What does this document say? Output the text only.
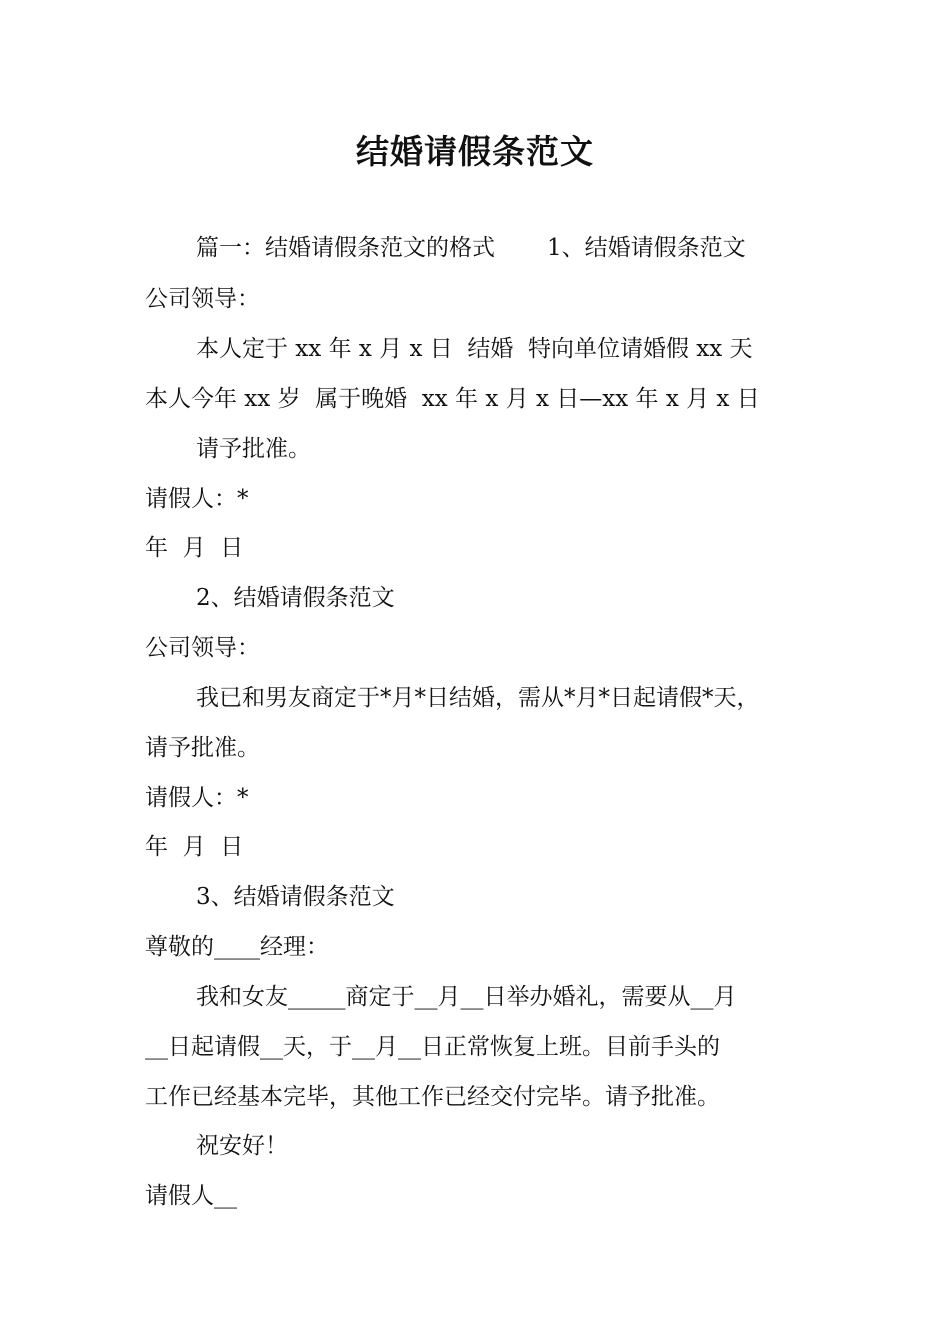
结婚请假条范文

篇一：结婚请假条范文的格式 1、结婚请假条范文

公司领导：

本人定于 xx 年 x 月 x 日  结婚  特向单位请婚假 xx 天

本人今年 xx 岁  属于晚婚  xx 年 x 月 x 日—xx 年 x 月 x 日

请予批准。

请假人：*

年  月  日

2、结婚请假条范文

公司领导：

我已和男友商定于*月*日结婚，需从*月*日起请假*天，

请予批准。

请假人：*

年  月  日

3、结婚请假条范文

尊敬的____经理：

我和女友_____商定于__月__日举办婚礼，需要从__月

__日起请假__天，于__月__日正常恢复上班。目前手头的

工作已经基本完毕，其他工作已经交付完毕。请予批准。

祝安好！

请假人__
